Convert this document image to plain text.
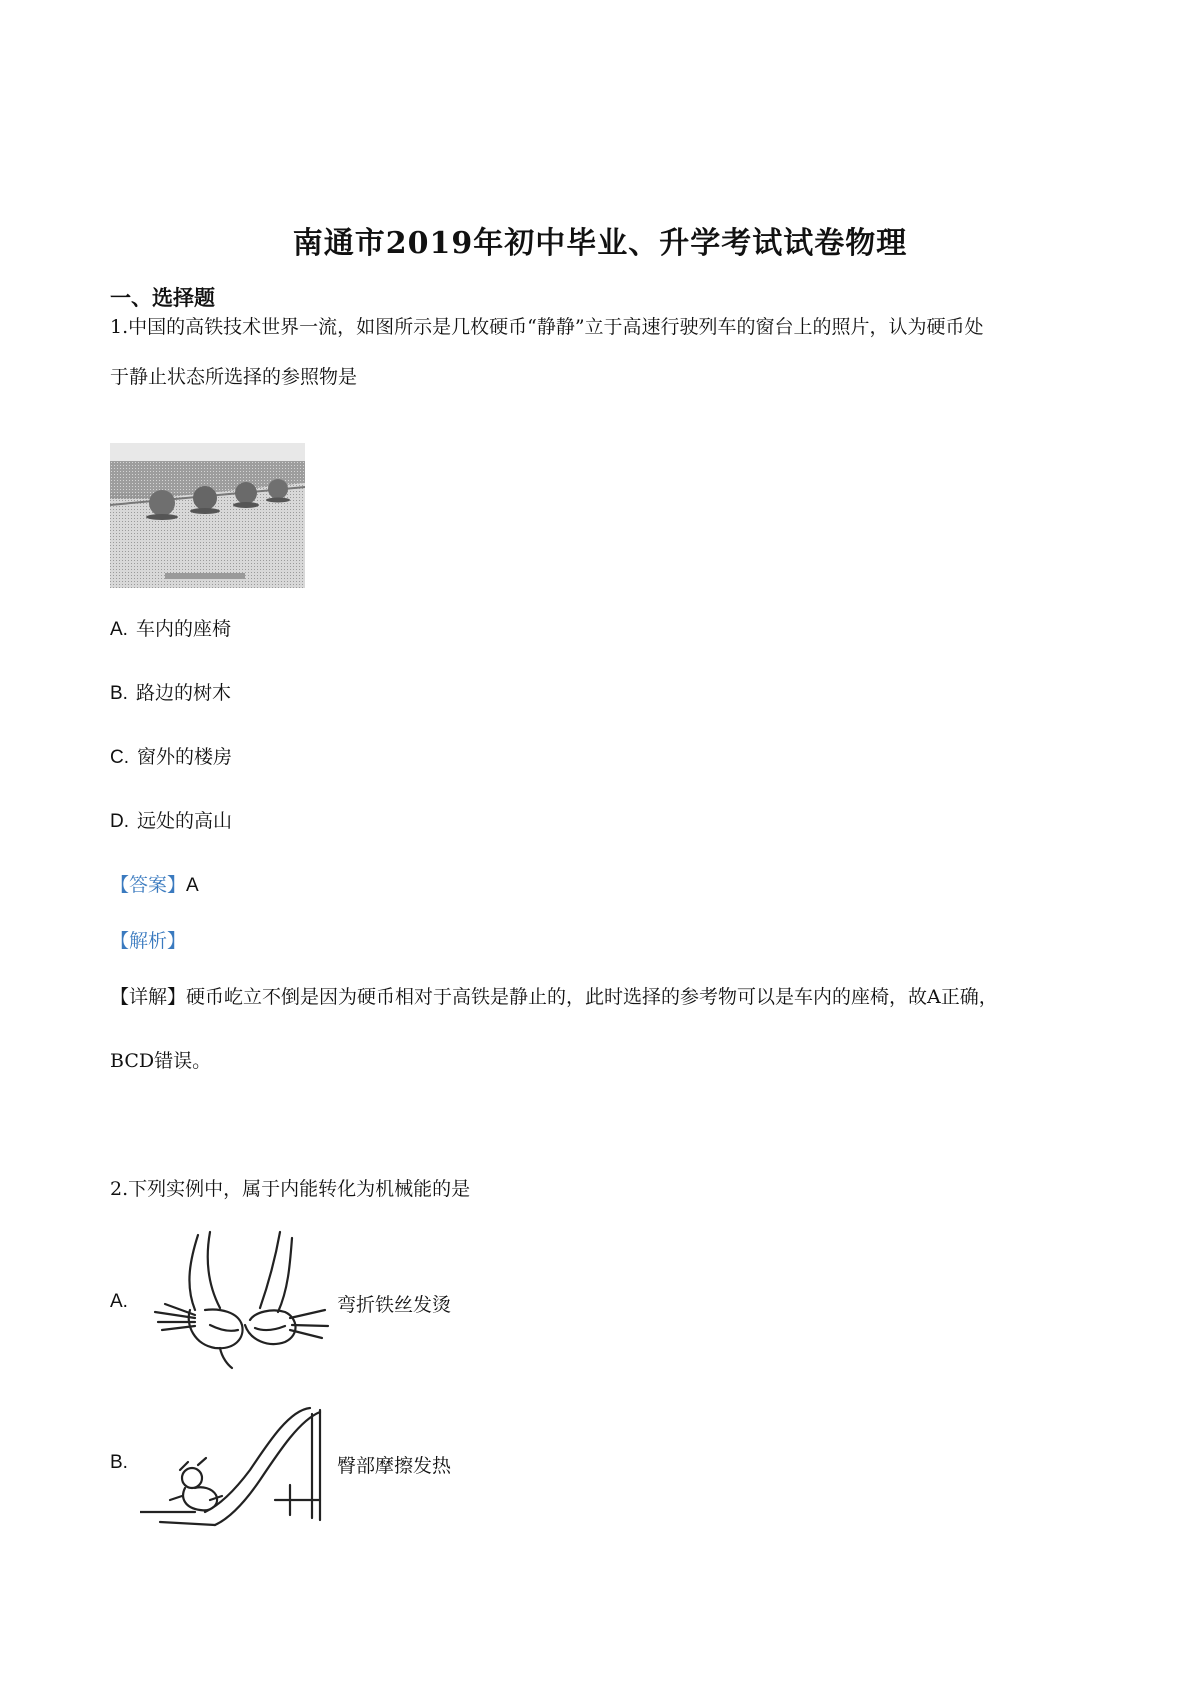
南通市2019年初中毕业、升学考试试卷物理
一、选择题
1.中国的高铁技术世界一流，如图所示是几枚硬币“静静”立于高速行驶列车的窗台上的照片，认为硬币处
于静止状态所选择的参照物是
A. 车内的座椅
B. 路边的树木
C. 窗外的楼房
D. 远处的高山
【答案】A
【解析】
【详解】硬币屹立不倒是因为硬币相对于高铁是静止的，此时选择的参考物可以是车内的座椅，故A正确，
BCD错误。
2.下列实例中，属于内能转化为机械能的是
A.	弯折铁丝发烫
B.	臀部摩擦发热
